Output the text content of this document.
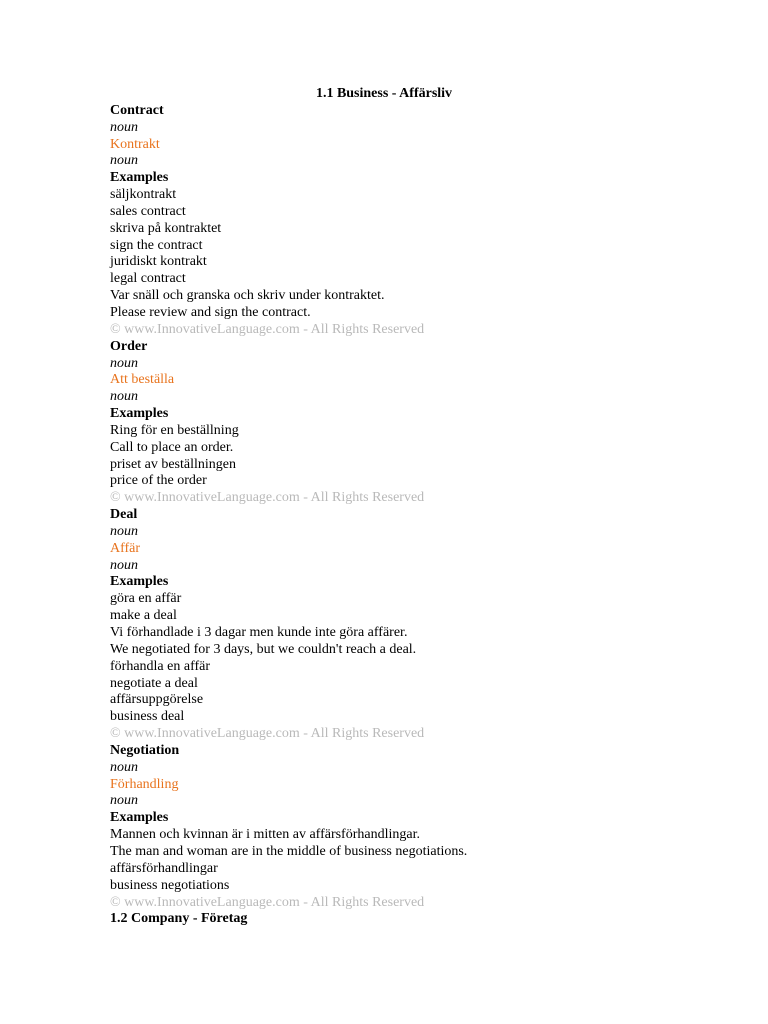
1.1 Business - Affärsliv
Contract
noun
Kontrakt
noun
Examples
säljkontrakt
sales contract
skriva på kontraktet
sign the contract
juridiskt kontrakt
legal contract
Var snäll och granska och skriv under kontraktet.
Please review and sign the contract.
© www.InnovativeLanguage.com - All Rights Reserved
Order
noun
Att beställa
noun
Examples
Ring för en beställning
Call to place an order.
priset av beställningen
price of the order
© www.InnovativeLanguage.com - All Rights Reserved
Deal
noun
Affär
noun
Examples
göra en affär
make a deal
Vi förhandlade i 3 dagar men kunde inte göra affärer.
We negotiated for 3 days, but we couldn't reach a deal.
förhandla en affär
negotiate a deal
affärsuppgörelse
business deal
© www.InnovativeLanguage.com - All Rights Reserved
Negotiation
noun
Förhandling
noun
Examples
Mannen och kvinnan är i mitten av affärsförhandlingar.
The man and woman are in the middle of business negotiations.
affärsförhandlingar
business negotiations
© www.InnovativeLanguage.com - All Rights Reserved
1.2 Company - Företag
